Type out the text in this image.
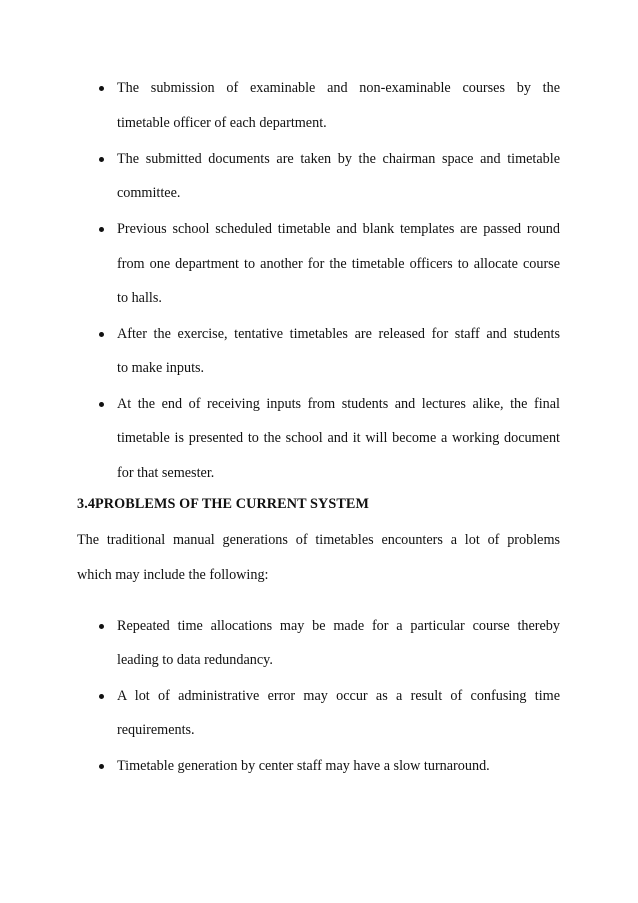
The submission of examinable and non-examinable courses by the
timetable officer of each department.
The submitted documents are taken by the chairman space and timetable
committee.
Previous school scheduled timetable and blank templates are passed round
from one department to another for the timetable officers to allocate course
to halls.
After the exercise, tentative timetables are released for staff and students
to make inputs.
At the end of receiving inputs from students and lectures alike, the final
timetable is presented to the school and it will become a working document
for that semester.
3.4PROBLEMS OF THE CURRENT SYSTEM
The traditional manual generations of timetables encounters a lot of problems
which may include the following:
Repeated time allocations may be made for a particular course thereby
leading to data redundancy.
A lot of administrative error may occur as a result of confusing time
requirements.
Timetable generation by center staff may have a slow turnaround.
